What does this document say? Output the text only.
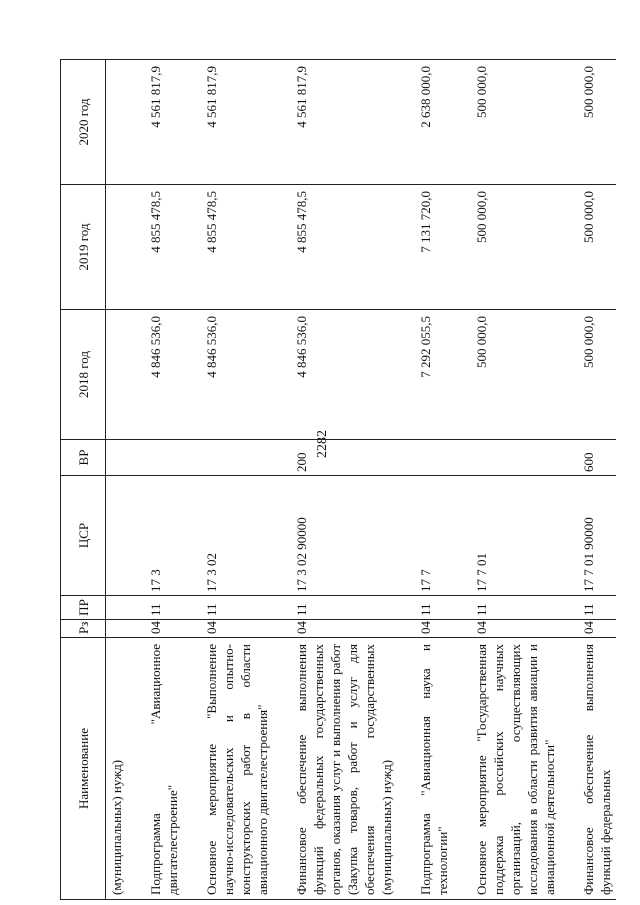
2282
Наименование	Рз	ПР	ЦСР	ВР	2018 год	2019 год	2020 год
(муниципальных) нужд)							

Подпрограмма "Авиационное двигателестроение"	04	11	17 3		4 846 536,0	4 855 478,5	4 561 817,9

Основное мероприятие "Выполнение научно-исследовательских и опытно-конструкторских работ в области авиационного двигателестроения"	04	11	17 3 02		4 846 536,0	4 855 478,5	4 561 817,9

Финансовое обеспечение выполнения функций федеральных государственных органов, оказания услуг и выполнения работ (Закупка товаров, работ и услуг для обеспечения государственных (муниципальных) нужд)	04	11	17 3 02 90000	200	4 846 536,0	4 855 478,5	4 561 817,9

Подпрограмма "Авиационная наука и технологии"	04	11	17 7		7 292 055,5	7 131 720,0	2 638 000,0

Основное мероприятие "Государственная поддержка российских научных организаций, осуществляющих исследования в области развития авиации и авиационной деятельности"	04	11	17 7 01		500 000,0	500 000,0	500 000,0

Финансовое обеспечение выполнения функций федеральных	04	11	17 7 01 90000	600	500 000,0	500 000,0	500 000,0
